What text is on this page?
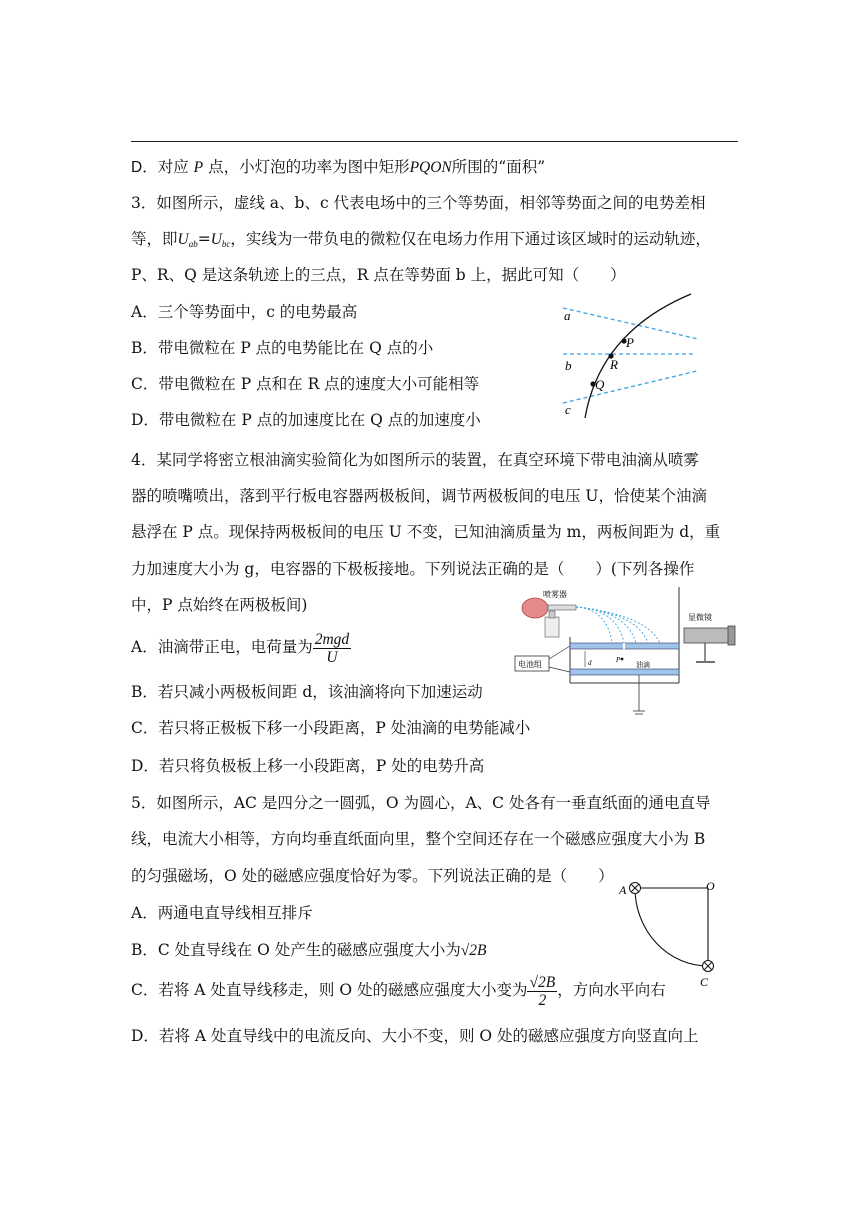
D．对应 P 点，小灯泡的功率为图中矩形PQON所围的“面积”
3．如图所示，虚线 a、b、c 代表电场中的三个等势面，相邻等势面之间的电势差相
等，即$U_{ab}=U_{bc}$，实线为一带负电的微粒仅在电场力作用下通过该区域时的运动轨迹，
P、R、Q 是这条轨迹上的三点，R 点在等势面 b 上，据此可知（　　）
A．三个等势面中，c 的电势最高
B．带电微粒在 P 点的电势能比在 Q 点的小
C．带电微粒在 P 点和在 R 点的速度大小可能相等
D．带电微粒在 P 点的加速度比在 Q 点的加速度小
a
b
c
P
R
Q
4．某同学将密立根油滴实验简化为如图所示的装置，在真空环境下带电油滴从喷雾
器的喷嘴喷出，落到平行板电容器两极板间，调节两极板间的电压 U，恰使某个油滴
悬浮在 P 点。现保持两极板间的电压 U 不变，已知油滴质量为 m，两板间距为 d，重
力加速度大小为 g，电容器的下极板接地。下列说法正确的是（　　）(下列各操作
中，P 点始终在两极板间)
A．油滴带正电，电荷量为 $\frac{\text{2mgd}}{U}$
B．若只减小两极板间距 d，该油滴将向下加速运动
C．若只将正极板下移一小段距离，P 处油滴的电势能减小
D．若只将负极板上移一小段距离，P 处的电势升高
喷雾器
电池组	d	P
油滴
显微镜
5．如图所示，AC 是四分之一圆弧，O 为圆心，A、C 处各有一垂直纸面的通电直导
线，电流大小相等，方向均垂直纸面向里，整个空间还存在一个磁感应强度大小为 B
的匀强磁场，O 处的磁感应强度恰好为零。下列说法正确的是（　　）
A．两通电直导线相互排斥
B．C 处直导线在 O 处产生的磁感应强度大小为√2B
C．若将 A 处直导线移走，则 O 处的磁感应强度大小变为 $\frac{√2B}{2}$ ，方向水平向右
D．若将 A 处直导线中的电流反向、大小不变，则 O 处的磁感应强度方向竖直向上
A	O
C
